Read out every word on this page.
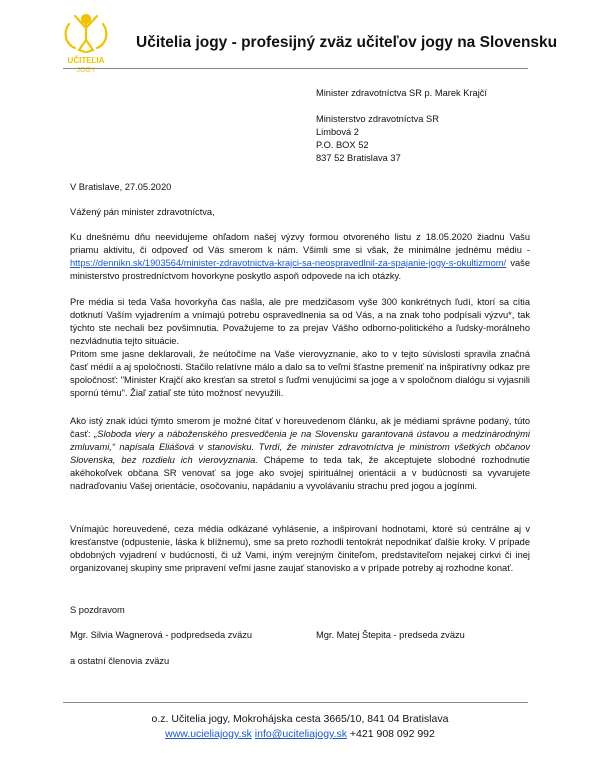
UČITEĽIA
JOGY
Učitelia jogy - profesijný zväz učiteľov jogy na Slovensku
Minister zdravotníctva SR p. Marek Krajčí
Ministerstvo zdravotníctva SR
Limbová 2
P.O. BOX 52
837 52 Bratislava 37
V Bratislave, 27.05.2020
Vážený pán minister zdravotníctva,

Ku dnešnému dňu neevidujeme ohľadom našej výzvy formou otvoreného listu z 18.05.2020 žiadnu Vašu priamu aktivitu, či odpoveď od Vás smerom k nám. Všimli sme si však, že minimálne jednému médiu - https://dennikn.sk/1903564/minister-zdravotnictva-krajci-sa-neospravedlnil-za-spajanie-jogy-s-okultizmom/ vaše ministerstvo prostredníctvom hovorkyne poskytlo aspoň odpovede na ich otázky.

Pre média si teda Vaša hovorkyňa čas našla, ale pre medzičasom vyše 300 konkrétnych ľudí, ktorí sa cítia dotknutí Vaším vyjadrením a vnímajú potrebu ospravedlnenia sa od Vás, a na znak toho podpísali výzvu*, tak týchto ste nechali bez povšimnutia. Považujeme to za prejav Vášho odborno-politického a ľudsky-morálneho nezvládnutia tejto situácie.

Pritom sme jasne deklarovali, že neútočíme na Vaše vierovyznanie, ako to v tejto súvislosti spravila značná časť médií a aj spoločnosti. Stačilo relatívne málo a dalo sa to veľmi šťastne premeniť na inšpiratívny odkaz pre spoločnosť: "Minister Krajčí ako kresťan sa stretol s ľuďmi venujúcimi sa joge a v spoločnom dialógu si vyjasnili spornú tému". Žiaľ zatiaľ ste túto možnosť nevyužili.

Ako istý znak idúci týmto smerom je možné čítať v horeuvedenom článku, ak je médiami správne podaný, túto časť: „Sloboda viery a náboženského presvedčenia je na Slovensku garantovaná ústavou a medzinárodnými zmluvami,“ napísala Eliášová v stanovisku. Tvrdí, že minister zdravotníctva je ministrom všetkých občanov Slovenska, bez rozdielu ich vierovyznania. Chápeme to teda tak, že akceptujete slobodné rozhodnutie akéhokoľvek občana SR venovať sa joge ako svojej spirituálnej orientácii a v budúcnosti sa vyvarujete nadraďovaniu Vašej orientácie, osočovaniu, napádaniu a vyvolávaniu strachu pred jogou a jogínmi.

Vnímajúc horeuvedené, ceza média odkázané vyhlásenie, a inšpirovaní hodnotami, ktoré sú centrálne aj v kresťanstve (odpustenie, láska k blížnemu), sme sa preto rozhodli tentokrát nepodnikať ďalšie kroky. V prípade obdobných vyjadrení v budúcnosti, či už Vami, iným verejným činiteľom, predstaviteľom nejakej cirkvi či inej organizovanej skupiny sme pripravení veľmi jasne zaujať stanovisko a v prípade potreby aj rozhodne konať.

S pozdravom
Mgr. Silvia Wagnerová - podpredseda zväzu	Mgr. Matej Štepita - predseda zväzu
a ostatní členovia zväzu
o.z. Učitelia jogy, Mokrohájska cesta 3665/10, 841 04 Bratislava
www.ucieliajogy.sk info@uciteliajogy.sk +421 908 092 992
